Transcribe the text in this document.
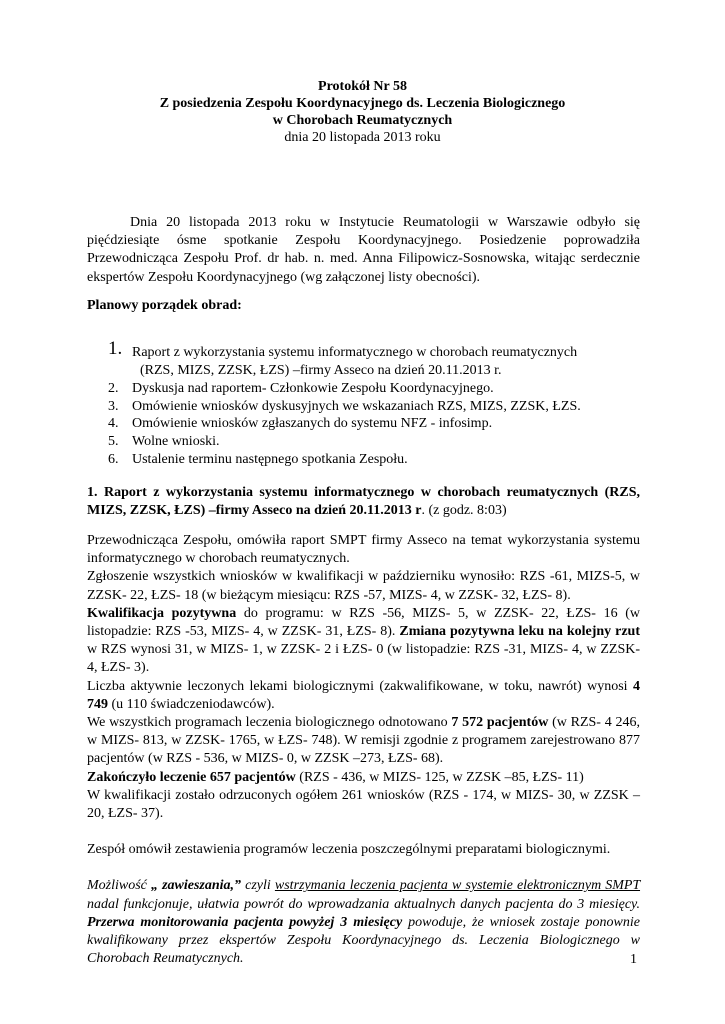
Protokół Nr 58
Z posiedzenia Zespołu Koordynacyjnego ds. Leczenia Biologicznego
w Chorobach Reumatycznych
dnia 20 listopada 2013 roku

Dnia 20 listopada 2013 roku w Instytucie Reumatologii w Warszawie odbyło się pięćdziesiąte ósme spotkanie Zespołu Koordynacyjnego. Posiedzenie poprowadziła Przewodnicząca Zespołu Prof. dr hab. n. med. Anna Filipowicz-Sosnowska, witając serdecznie ekspertów Zespołu Koordynacyjnego (wg załączonej listy obecności).

Planowy porządek obrad:
1. Raport z wykorzystania systemu informatycznego w chorobach reumatycznych
(RZS, MIZS, ZZSK, ŁZS) –firmy Asseco na dzień 20.11.2013 r.
2. Dyskusja nad raportem- Członkowie Zespołu Koordynacyjnego.
3. Omówienie wniosków dyskusyjnych we wskazaniach RZS, MIZS, ZZSK, ŁZS.
4. Omówienie wniosków zgłaszanych do systemu NFZ - infosimp.
5. Wolne wnioski.
6. Ustalenie terminu następnego spotkania Zespołu.
1. Raport z wykorzystania systemu informatycznego w chorobach reumatycznych (RZS, MIZS, ZZSK, ŁZS) –firmy Asseco na dzień 20.11.2013 r. (z godz. 8:03)

Przewodnicząca Zespołu, omówiła raport SMPT firmy Asseco na temat wykorzystania systemu informatycznego w chorobach reumatycznych.

Zgłoszenie wszystkich wniosków w kwalifikacji w październiku wynosiło: RZS -61, MIZS-5, w ZZSK- 22, ŁZS- 18 (w bieżącym miesiącu: RZS -57, MIZS- 4, w ZZSK- 32, ŁZS- 8).

Kwalifikacja pozytywna do programu: w RZS -56, MIZS- 5, w ZZSK- 22, ŁZS- 16 (w listopadzie: RZS -53, MIZS- 4, w ZZSK- 31, ŁZS- 8). Zmiana pozytywna leku na kolejny rzut w RZS wynosi 31, w MIZS- 1, w ZZSK- 2 i ŁZS- 0 (w listopadzie: RZS -31, MIZS- 4, w ZZSK- 4, ŁZS- 3).

Liczba aktywnie leczonych lekami biologicznymi (zakwalifikowane, w toku, nawrót) wynosi 4 749 (u 110 świadczeniodawców).

We wszystkich programach leczenia biologicznego odnotowano 7 572 pacjentów (w RZS- 4 246, w MIZS- 813, w ZZSK- 1765, w ŁZS- 748). W remisji zgodnie z programem zarejestrowano 877 pacjentów (w RZS - 536, w MIZS- 0, w ZZSK –273, ŁZS- 68).

Zakończyło leczenie 657 pacjentów (RZS - 436, w MIZS- 125, w ZZSK –85, ŁZS- 11)

W kwalifikacji zostało odrzuconych ogółem 261 wniosków (RZS - 174, w MIZS- 30, w ZZSK –20, ŁZS- 37).

Zespół omówił zestawienia programów leczenia poszczególnymi preparatami biologicznymi.

Możliwość „ zawieszania,” czyli wstrzymania leczenia pacjenta w systemie elektronicznym SMPT nadal funkcjonuje, ułatwia powrót do wprowadzania aktualnych danych pacjenta do 3 miesięcy. Przerwa monitorowania pacjenta powyżej 3 miesięcy powoduje, że wniosek zostaje ponownie kwalifikowany przez ekspertów Zespołu Koordynacyjnego ds. Leczenia Biologicznego w Chorobach Reumatycznych.	1
